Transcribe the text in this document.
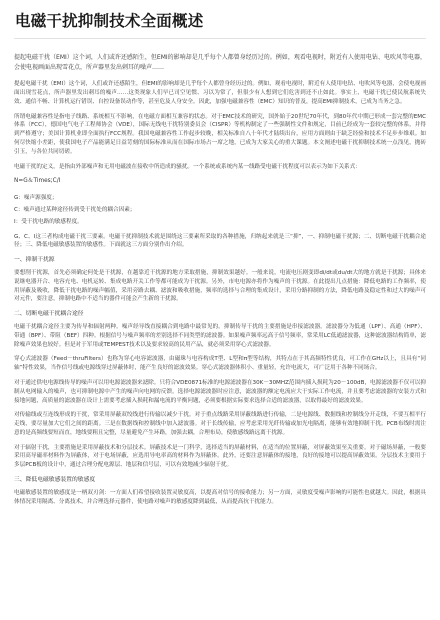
电磁干扰抑制技术全面概述

提起电磁干扰（EMI）这个词，人们或许还感陌生，但EMI的影响却是几乎每个人都曾身经历过的。例如，观看电视时，附近有人使用电钻、电吹风等电器，会使电视画面出现雪花点，所声器里发出刺耳的噪声……

提起电磁干扰（EMI）这个词，人们或许还感陌生，但EMI的影响却是几乎每个人都曾身经历过的。例如，观看电视时，附近有人使用电钻、电吹风等电器，会使电视画面出现雪花点，所声器里发出刺耳的噪声……这类现象人们早已司空见惯、习以为常了，但很少有人想到它们危害到还不止如此。事实上，电磁干扰已使民航系统失效、通信不畅、计算机运行错误、自控设备误动作等，甚至危及人身安全。因此，加强电磁兼容性（EMC）知识的普及，提高EMI抑制技术，已成为当务之急。

所谓电磁兼容性是指电子线路、系统相互不影响，在电磁方面相互兼容的状态。对于EMC技术的研究，国外始于20世纪70年代，到80年代中期已形成一套完整的EMC体系（FCC），德国电气电子工程师协会（VDE），国际无线电干扰特别委员会（CISPR）等机构制定了一些强制性文件和规定，目前已经成为一套较完整的体系，并得到严格遵守；美国计算机业即全面执行FCC规程。我国电磁兼容性工作起步较晚，相关标准自八十年代才陆续出台，应用方面则由于缺乏经验和技术不足步步维艰。如何尽快缩小差距，使我国电子产品能满足日益苛刻的国际标准从而在国际市场占一席之地，已成为大家关心的重大课题。本文阐述电磁干扰抑制技术统一点浅见，抛砖引玉，与各位共同切磋。

电磁干扰的定义，是指由外部噪声和无用电磁波在接收中所造成的骚扰。一个系统或系统内某一线路受电磁干扰程度可以表示为如下关系式：

N=G＆Times;C/I

G：噪声源强度；

C：噪声通过某种途径传到受干扰处的耦合因素；

I：受干扰电路的敏感程度。

G、C、I这三者构成电磁干扰三要素。电磁干扰抑制技术就是围绕这三要素所采取的各种措施，归纳起来就是三“抑”，一、抑制电磁干扰源；二、切断电磁干扰耦合途径；三、降低电磁敏感装置的敏感性。下面就这三方面分别作出介绍。

一、抑制干扰源

要想削干扰源，首先必须确定何处是干扰源，在越靠近干扰源的地方采取措施，抑制效果越好。一般来说，电流电压剧变即di/dt或du/dt大的地方就是干扰源；具体来说继电器开合、电容充电、电机运转、集成电路开关工作等都可能成为干扰源。另外，市电电源亦将作为噪声的干扰源。在此提出几点措施：降低电路的工作频率，使用屏蔽及吸收，降低干扰电路的噪声幅值，采用旁路去耦、滤波和吸收措施，频率的选择与合理的集成设计，采用分路抑制的方法，降低电路及稳定性和过大的噪声可对元件，要注意，抑制电路中不适当的器件可能会产生新的干扰源。

二、切断电磁干扰耦合途径

电磁干扰耦合途径主要为传导和辐射两种。噪声经导线直接耦合到电路中最常见的。抑制传导干扰的主要措施是串接滤波器。滤波器分为低通（LPF）、高通（HPF）、带通（BPF）、带阻（BEF）四种。根据信号与噪声频率的差别选择不同类型的滤波器。如果噪声频率远高于信号频率，常采用LC低通滤波器，这种滤波器结构简单，滤除噪声效果也较好。但是对于军用或TEMPEST技术以及要求较高的民用产品，就必须采用穿心式滤波器。

穿心式滤波器（Feed－thruFilters）也称为穿心电容滤波器，由磁珠与电容构成T型、L型和π型等结构，其特点在于其高频特性优良，可工作在GHz以上，且具有“同轴”特性效果，当作信号线或电源线穿过屏蔽体时，能产生良好的滤波效果。穿心式滤波器体积小、重量轻，允许电流大，可广泛用于各种不同场合。

对于通过供电电源线传导的噪声可以用电源滤波器来滤除。只符合VDE0871标准的电源滤波器在30K－30MHZ范围内插入损耗为20－100dB，电源滤波器不仅可以抑制从电网输入的噪声，也可抑制电源中产生的噪声向电网的反馈。选择电源滤波器时应注意，滤波器的额定电流应大于实际工作电流，并且要考虑滤波器的安装方式和接地问题，高质量的滤波器在设计上需要考虑插入损耗和漏电流的平衡问题，必须要根据实际要求选择合适的滤波器，以取得最好的滤波效果。

对传输线或互连线形成的干扰，常采用屏蔽双绞线进行传输以减少干扰。对于重点线路采用屏蔽线路进行传输，二是电源线、数据线和控制线分开走线，不要互相平行走线，要尽量加大它们之间的距离。三是在数据线和控制线中加入滤波器。对于长线传输，应考虑采用光纤传输或加光电隔离，能够有效地抑制干扰。PCB布线时需注意的是高频线要短而直，地线要粗且完整，尽量避免产生环路，加强去耦，合理布局，使敏感线路远离干扰源。

对于辐射干扰，主要措施是采用屏蔽技术和分层技术。屏蔽技术是一门科学，选择适当的屏蔽材料，在适当的位置屏蔽，对屏蔽效果至关重要。对于磁场屏蔽，一般要采用高导磁率材料作为屏蔽体，对于电场屏蔽，应选用导电率高的材料作为屏蔽体。此外，还要注意屏蔽体的接地，良好的接地可以提高屏蔽效果。分层技术主要用于多层PCB板的设计中，通过合理分配电源层、地层和信号层，可以有效地减少辐射干扰。

三、降低电磁敏感装置的敏感度

电磁敏感装置的敏感度是一柄双刃剑：一方面人们希望接收装置灵敏度高，以提高对信号的接收能力；另一方面，灵敏度受噪声影响的可能性也就越大。因此，根据具体情况采用隔离、分离技术，并合理选择元器件，使电路对噪声的敏感度降到最低，从而提高抗干扰能力。
